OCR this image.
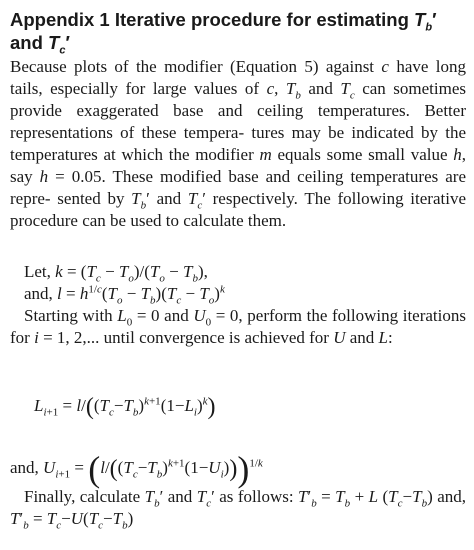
Appendix 1 Iterative procedure for estimating $T_b'$
and $T_c'$
Because plots of the modifier (Equation 5) against c have long tails, especially for large values of c, $T_b$ and $T_c$ can sometimes provide exaggerated base and ceiling temperatures. Better representations of these tempera- tures may be indicated by the temperatures at which the modifier m equals some small value h, say h = 0.05. These modified base and ceiling temperatures are repre- sented by $T_b'$ and $T_c'$ respectively. The following iterative procedure can be used to calculate them.
Let, $k = (T_c - T_o)/(T_o - T_b)$,
and, $l = h^{1/c}(T_o - T_b)(T_c - T_o)^k$
Starting with $L_0 = 0$ and $U_0 = 0$, perform the following iterations for i = 1, 2,... until convergence is achieved for U and L:
$L_{i+1} = l/((T_c-T_b)^{k+1}(1-L_i)^k)$
and, $U_{i+1} = (l/((T_c-T_b)^{k+1}(1-U_i)))^{1/k}$
Finally, calculate $T_b'$ and $T_c'$ as follows: $T'_b = T_b + L$ $(T_c-T_b)$ and, $T'_b = T_c-U(T_c-T_b)$
